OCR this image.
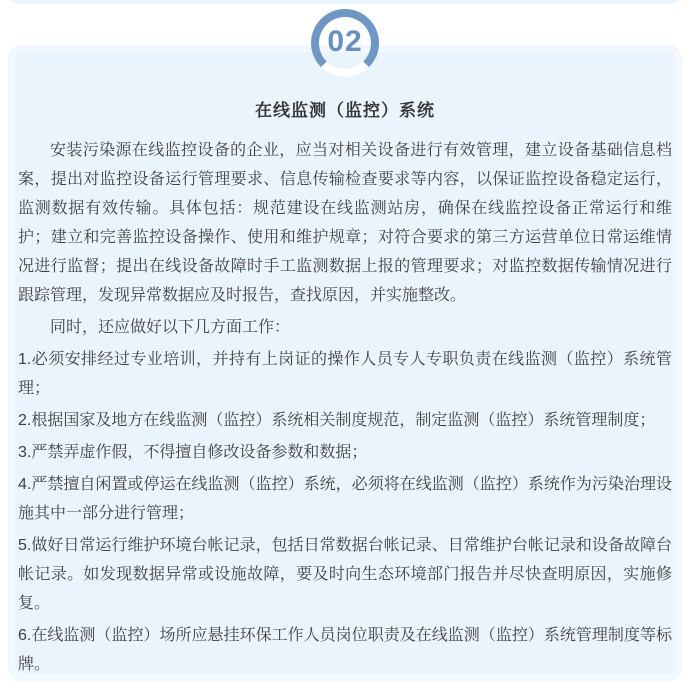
02
在线监测（监控）系统

安装污染源在线监控设备的企业，应当对相关设备进行有效管理，建立设备基础信息档案，提出对监控设备运行管理要求、信息传输检查要求等内容，以保证监控设备稳定运行，监测数据有效传输。具体包括：规范建设在线监测站房，确保在线监控设备正常运行和维护；建立和完善监控设备操作、使用和维护规章；对符合要求的第三方运营单位日常运维情况进行监督；提出在线设备故障时手工监测数据上报的管理要求；对监控数据传输情况进行跟踪管理，发现异常数据应及时报告，查找原因，并实施整改。

同时，还应做好以下几方面工作：

1.必须安排经过专业培训，并持有上岗证的操作人员专人专职负责在线监测（监控）系统管理；

2.根据国家及地方在线监测（监控）系统相关制度规范，制定监测（监控）系统管理制度；

3.严禁弄虚作假，不得擅自修改设备参数和数据；

4.严禁擅自闲置或停运在线监测（监控）系统，必须将在线监测（监控）系统作为污染治理设施其中一部分进行管理；

5.做好日常运行维护环境台帐记录，包括日常数据台帐记录、日常维护台帐记录和设备故障台帐记录。如发现数据异常或设施故障，要及时向生态环境部门报告并尽快查明原因，实施修复。

6.在线监测（监控）场所应悬挂环保工作人员岗位职责及在线监测（监控）系统管理制度等标牌。
